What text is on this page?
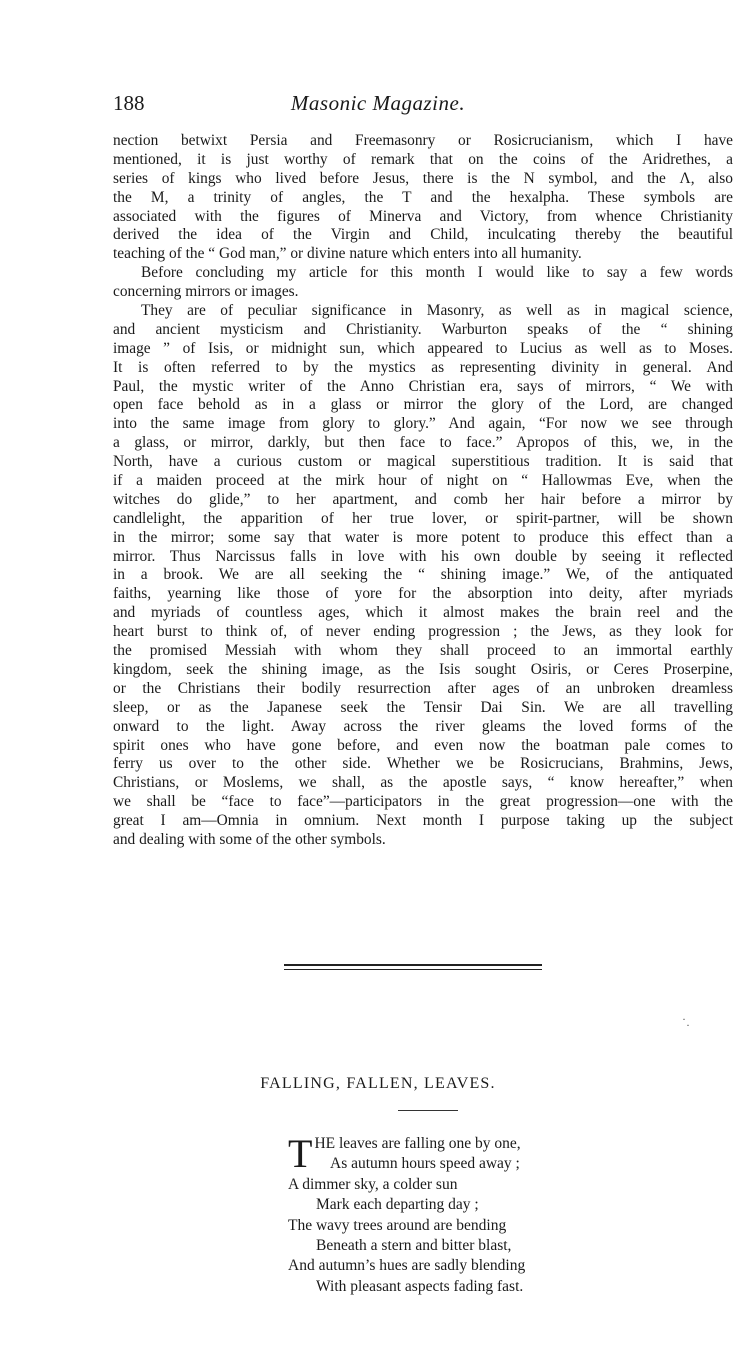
188	Masonic Magazine.
nection betwixt Persia and Freemasonry or Rosicrucianism, which I have
mentioned, it is just worthy of remark that on the coins of the Aridrethes, a
series of kings who lived before Jesus, there is the N symbol, and the Λ, also
the M, a trinity of angles, the T and the hexalpha. These symbols are
associated with the figures of Minerva and Victory, from whence Christianity
derived the idea of the Virgin and Child, inculcating thereby the beautiful
teaching of the “ God man,” or divine nature which enters into all humanity.
Before concluding my article for this month I would like to say a few words
concerning mirrors or images.
They are of peculiar significance in Masonry, as well as in magical science,
and ancient mysticism and Christianity. Warburton speaks of the “ shining
image ” of Isis, or midnight sun, which appeared to Lucius as well as to Moses.
It is often referred to by the mystics as representing divinity in general. And
Paul, the mystic writer of the Anno Christian era, says of mirrors, “ We with
open face behold as in a glass or mirror the glory of the Lord, are changed
into the same image from glory to glory.” And again, “For now we see through
a glass, or mirror, darkly, but then face to face.” Apropos of this, we, in the
North, have a curious custom or magical superstitious tradition. It is said that
if a maiden proceed at the mirk hour of night on “ Hallowmas Eve, when the
witches do glide,” to her apartment, and comb her hair before a mirror by
candlelight, the apparition of her true lover, or spirit-partner, will be shown
in the mirror; some say that water is more potent to produce this effect than a
mirror. Thus Narcissus falls in love with his own double by seeing it reflected
in a brook. We are all seeking the “ shining image.” We, of the antiquated
faiths, yearning like those of yore for the absorption into deity, after myriads
and myriads of countless ages, which it almost makes the brain reel and the
heart burst to think of, of never ending progression ; the Jews, as they look for
the promised Messiah with whom they shall proceed to an immortal earthly
kingdom, seek the shining image, as the Isis sought Osiris, or Ceres Proserpine,
or the Christians their bodily resurrection after ages of an unbroken dreamless
sleep, or as the Japanese seek the Tensir Dai Sin. We are all travelling
onward to the light. Away across the river gleams the loved forms of the
spirit ones who have gone before, and even now the boatman pale comes to
ferry us over to the other side. Whether we be Rosicrucians, Brahmins, Jews,
Christians, or Moslems, we shall, as the apostle says, “ know hereafter,” when
we shall be “face to face”—participators in the great progression—one with the
great I am—Omnia in omnium. Next month I purpose taking up the subject
and dealing with some of the other symbols.
· ·
FALLING, FALLEN, LEAVES.
T HE leaves are falling one by one,
As autumn hours speed away ;
A dimmer sky, a colder sun
Mark each departing day ;
The wavy trees around are bending
Beneath a stern and bitter blast,
And autumn’s hues are sadly blending
With pleasant aspects fading fast.
